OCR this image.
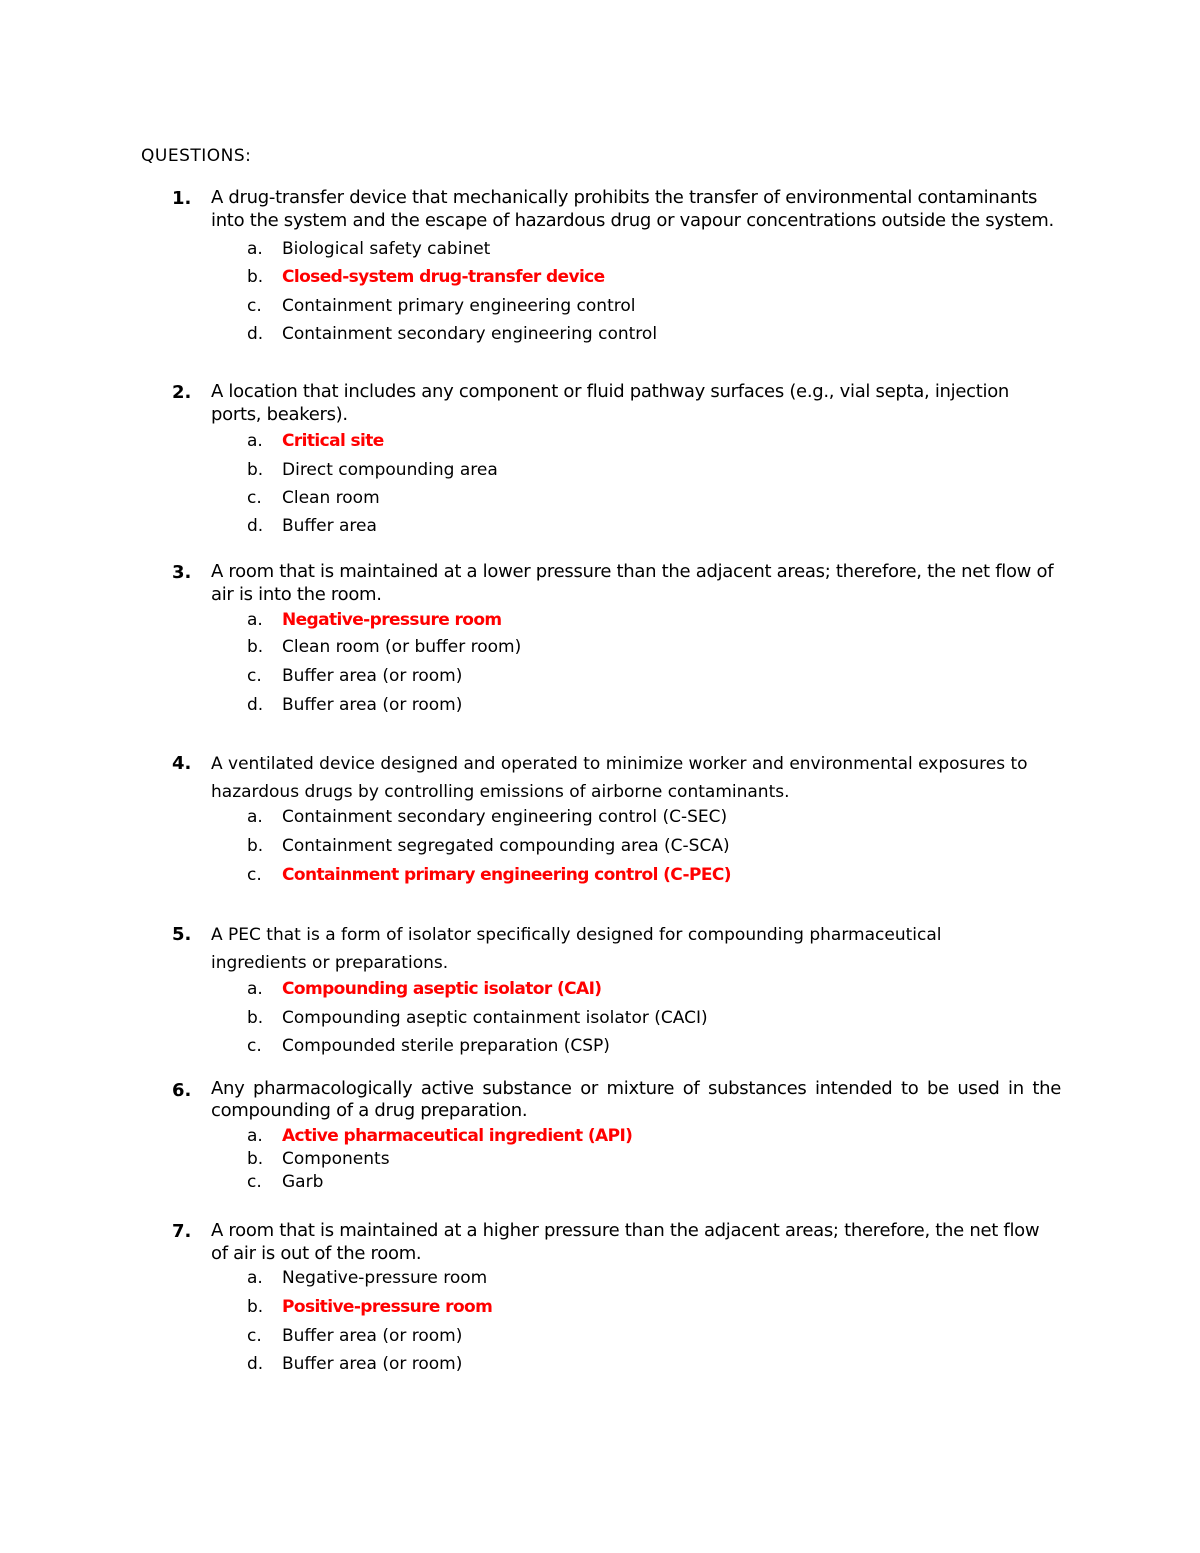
QUESTIONS:
1. A drug-transfer device that mechanically prohibits the transfer of environmental contaminants into the system and the escape of hazardous drug or vapour concentrations outside the system.
a. Biological safety cabinet
b. Closed-system drug-transfer device
c. Containment primary engineering control
d. Containment secondary engineering control
2. A location that includes any component or fluid pathway surfaces (e.g., vial septa, injection ports, beakers).
a. Critical site
b. Direct compounding area
c. Clean room
d. Buffer area
3. A room that is maintained at a lower pressure than the adjacent areas; therefore, the net flow of air is into the room.
a. Negative-pressure room
b. Clean room (or buffer room)
c. Buffer area (or room)
d. Buffer area (or room)
4. A ventilated device designed and operated to minimize worker and environmental exposures to hazardous drugs by controlling emissions of airborne contaminants.
a. Containment secondary engineering control (C-SEC)
b. Containment segregated compounding area (C-SCA)
c. Containment primary engineering control (C-PEC)
5. A PEC that is a form of isolator specifically designed for compounding pharmaceutical ingredients or preparations.
a. Compounding aseptic isolator (CAI)
b. Compounding aseptic containment isolator (CACI)
c. Compounded sterile preparation (CSP)
6. Any pharmacologically active substance or mixture of substances intended to be used in the compounding of a drug preparation.
a. Active pharmaceutical ingredient (API)
b. Components
c. Garb
7. A room that is maintained at a higher pressure than the adjacent areas; therefore, the net flow of air is out of the room.
a. Negative-pressure room
b. Positive-pressure room
c. Buffer area (or room)
d. Buffer area (or room)
